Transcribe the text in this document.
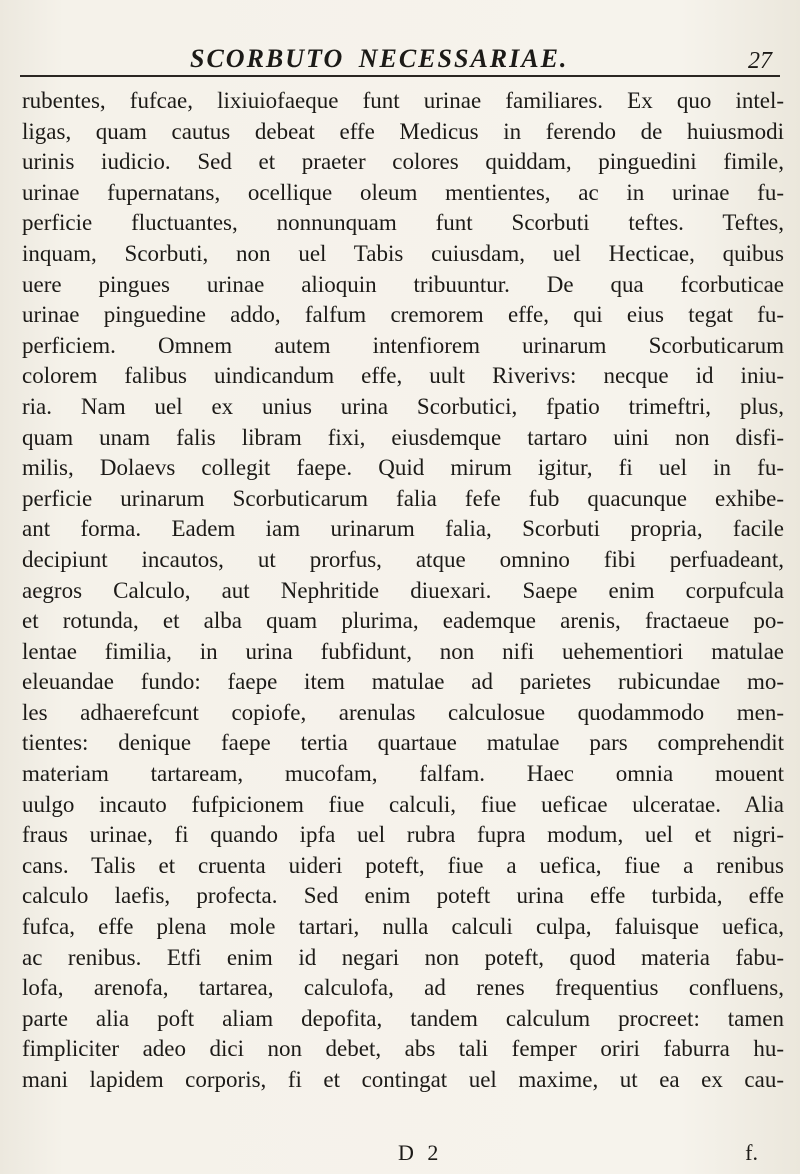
SCORBUTO NECESSARIAE.	27
rubentes, fufcae, lixiuiofaeque funt urinae familiares. Ex quo intel-
ligas, quam cautus debeat effe Medicus in ferendo de huiusmodi
urinis iudicio. Sed et praeter colores quiddam, pinguedini fimile,
urinae fupernatans, ocellique oleum mentientes, ac in urinae fu-
perficie fluctuantes, nonnunquam funt Scorbuti teftes. Teftes,
inquam, Scorbuti, non uel Tabis cuiusdam, uel Hecticae, quibus
uere pingues urinae alioquin tribuuntur. De qua fcorbuticae
urinae pinguedine addo, falfum cremorem effe, qui eius tegat fu-
perficiem. Omnem autem intenfiorem urinarum Scorbuticarum
colorem falibus uindicandum effe, uult Riverivs: necque id iniu-
ria. Nam uel ex unius urina Scorbutici, fpatio trimeftri, plus,
quam unam falis libram fixi, eiusdemque tartaro uini non disfi-
milis, Dolaevs collegit faepe. Quid mirum igitur, fi uel in fu-
perficie urinarum Scorbuticarum falia fefe fub quacunque exhibe-
ant forma. Eadem iam urinarum falia, Scorbuti propria, facile
decipiunt incautos, ut prorfus, atque omnino fibi perfuadeant,
aegros Calculo, aut Nephritide diuexari. Saepe enim corpufcula
et rotunda, et alba quam plurima, eademque arenis, fractaeue po-
lentae fimilia, in urina fubfidunt, non nifi uehementiori matulae
eleuandae fundo: faepe item matulae ad parietes rubicundae mo-
les adhaerefcunt copiofe, arenulas calculosue quodammodo men-
tientes: denique faepe tertia quartaue matulae pars comprehendit
materiam tartaream, mucofam, falfam. Haec omnia mouent
uulgo incauto fufpicionem fiue calculi, fiue ueficae ulceratae. Alia
fraus urinae, fi quando ipfa uel rubra fupra modum, uel et nigri-
cans. Talis et cruenta uideri poteft, fiue a uefica, fiue a renibus
calculo laefis, profecta. Sed enim poteft urina effe turbida, effe
fufca, effe plena mole tartari, nulla calculi culpa, faluisque uefica,
ac renibus. Etfi enim id negari non poteft, quod materia fabu-
lofa, arenofa, tartarea, calculofa, ad renes frequentius confluens,
parte alia poft aliam depofita, tandem calculum procreet: tamen
fimpliciter adeo dici non debet, abs tali femper oriri faburra hu-
mani lapidem corporis, fi et contingat uel maxime, ut ea ex cau-
D 2	f.
